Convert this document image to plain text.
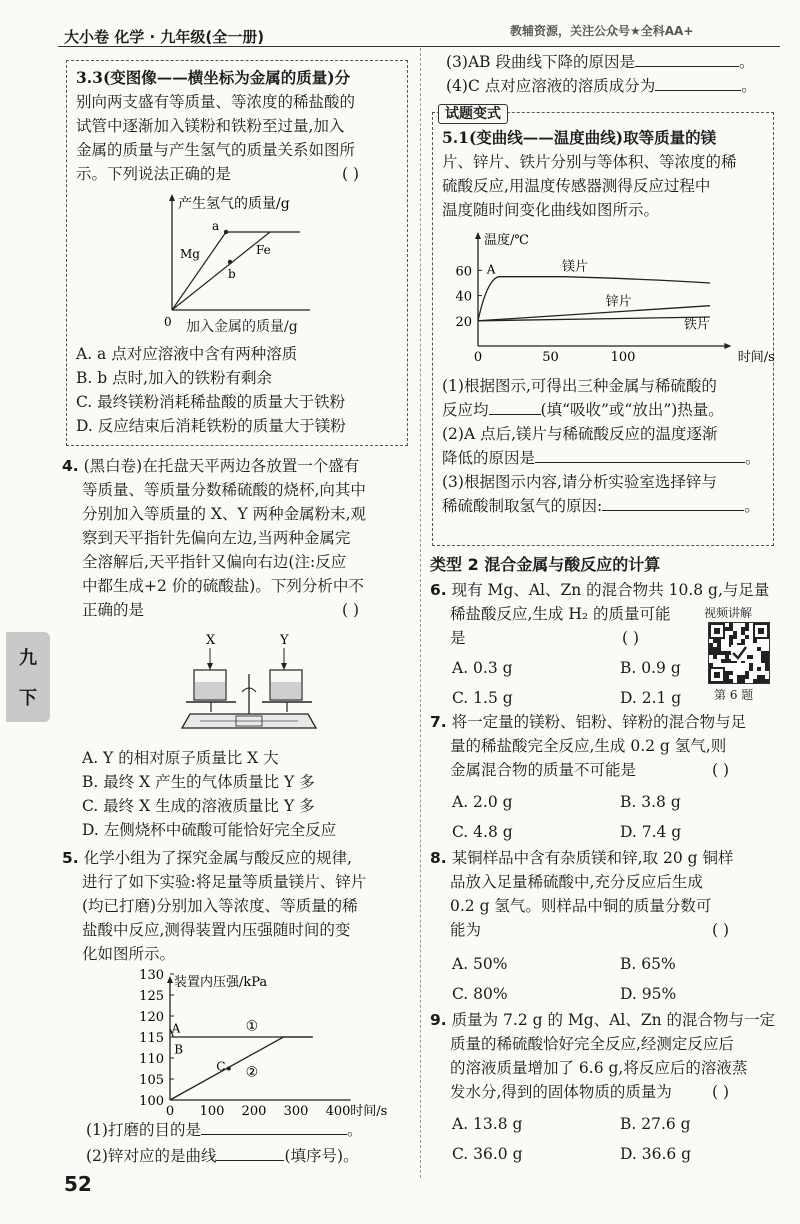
大小卷 化学 · 九年级(全一册)	教辅资源，关注公众号★全科AA+
九
下
3.3(变图像——横坐标为金属的质量)分
别向两支盛有等质量、等浓度的稀盐酸的
试管中逐渐加入镁粉和铁粉至过量,加入
金属的质量与产生氢气的质量关系如图所
示。下列说法正确的是	( )
产生氢气的质量/g
a
b
Mg	Fe
0 加入金属的质量/g
A. a 点对应溶液中含有两种溶质
B. b 点时,加入的铁粉有剩余
C. 最终镁粉消耗稀盐酸的质量大于铁粉
D. 反应结束后消耗铁粉的质量大于镁粉
4. (黑白卷)在托盘天平两边各放置一个盛有
等质量、等质量分数稀硫酸的烧杯,向其中
分别加入等质量的 X、Y 两种金属粉末,观
察到天平指针先偏向左边,当两种金属完
全溶解后,天平指针又偏向右边(注:反应
中都生成+2 价的硫酸盐)。下列分析中不
正确的是	( )
X	Y
A. Y 的相对原子质量比 X 大
B. 最终 X 产生的气体质量比 Y 多
C. 最终 X 生成的溶液质量比 Y 多
D. 左侧烧杯中硫酸可能恰好完全反应
5. 化学小组为了探究金属与酸反应的规律,
进行了如下实验:将足量等质量镁片、锌片
(均已打磨)分别加入等浓度、等质量的稀
盐酸中反应,测得装置内压强随时间的变
化如图所示。
130
125
120
115
110
105
100
0 100 200 300 400
装置内压强/kPa
时间/s
A
B
C
①
②
(1)打磨的目的是	。
(2)锌对应的是曲线	(填序号)。
52
(3)AB 段曲线下降的原因是	。
(4)C 点对应溶液的溶质成分为	。
试题变式
5.1(变曲线——温度曲线)取等质量的镁
片、锌片、铁片分别与等体积、等浓度的稀
硫酸反应,用温度传感器测得反应过程中
温度随时间变化曲线如图所示。
60
40
20
0	50	100
温度/℃
时间/s
A	镁片
锌片
铁片
(1)根据图示,可得出三种金属与稀硫酸的
反应均	(填“吸收”或“放出”)热量。
(2)A 点后,镁片与稀硫酸反应的温度逐渐
降低的原因是	。
(3)根据图示内容,请分析实验室选择锌与
稀硫酸制取氢气的原因:	。
类型 2 混合金属与酸反应的计算
6. 现有 Mg、Al、Zn 的混合物共 10.8 g,与足量
稀盐酸反应,生成 H₂ 的质量可能
是	( )
视频讲解
第 6 题
A. 0.3 g	B. 0.9 g
C. 1.5 g	D. 2.1 g
7. 将一定量的镁粉、铝粉、锌粉的混合物与足
量的稀盐酸完全反应,生成 0.2 g 氢气,则
金属混合物的质量不可能是	( )
A. 2.0 g	B. 3.8 g
C. 4.8 g	D. 7.4 g
8. 某铜样品中含有杂质镁和锌,取 20 g 铜样
品放入足量稀硫酸中,充分反应后生成
0.2 g 氢气。则样品中铜的质量分数可
能为	( )
A. 50%	B. 65%
C. 80%	D. 95%
9. 质量为 7.2 g 的 Mg、Al、Zn 的混合物与一定
质量的稀硫酸恰好完全反应,经测定反应后
的溶液质量增加了 6.6 g,将反应后的溶液蒸
发水分,得到的固体物质的质量为	( )
A. 13.8 g	B. 27.6 g
C. 36.0 g	D. 36.6 g
